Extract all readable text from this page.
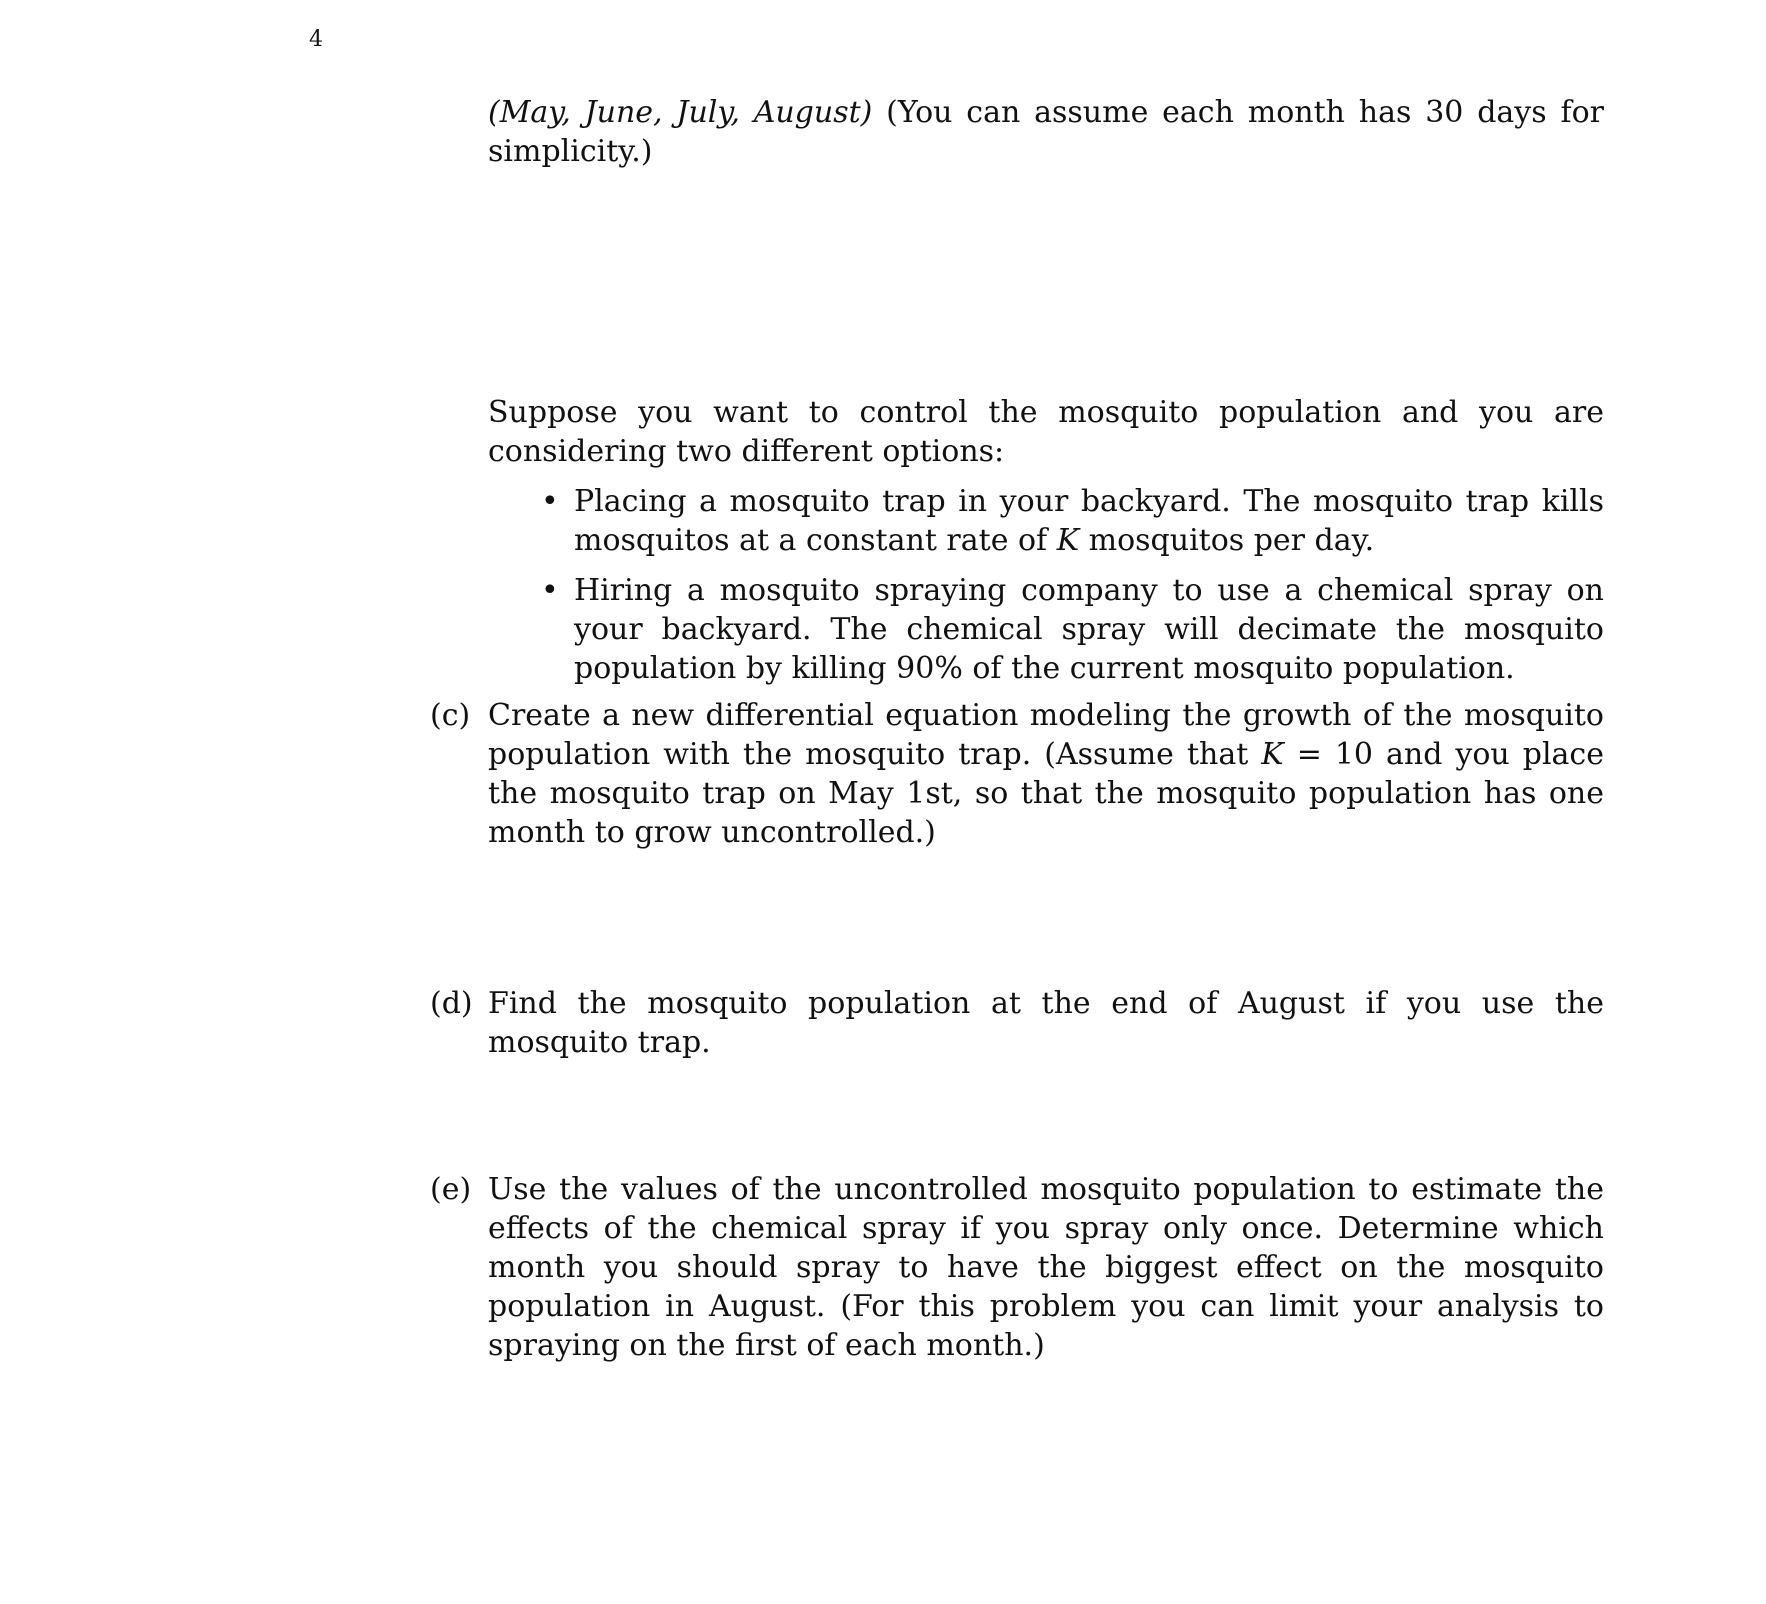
4
(May, June, July, August) (You can assume each month has 30 days for simplicity.)
Suppose you want to control the mosquito population and you are considering two different options:
• Placing a mosquito trap in your backyard. The mosquito trap kills mosquitos at a constant rate of K mosquitos per day.
• Hiring a mosquito spraying company to use a chemical spray on your backyard. The chemical spray will decimate the mosquito population by killing 90% of the current mosquito population.
(c) Create a new differential equation modeling the growth of the mosquito population with the mosquito trap. (Assume that K = 10 and you place the mosquito trap on May 1st, so that the mosquito population has one month to grow uncontrolled.)
(d) Find the mosquito population at the end of August if you use the mosquito trap.
(e) Use the values of the uncontrolled mosquito population to estimate the effects of the chemical spray if you spray only once. Determine which month you should spray to have the biggest effect on the mosquito population in August. (For this problem you can limit your analysis to spraying on the first of each month.)
